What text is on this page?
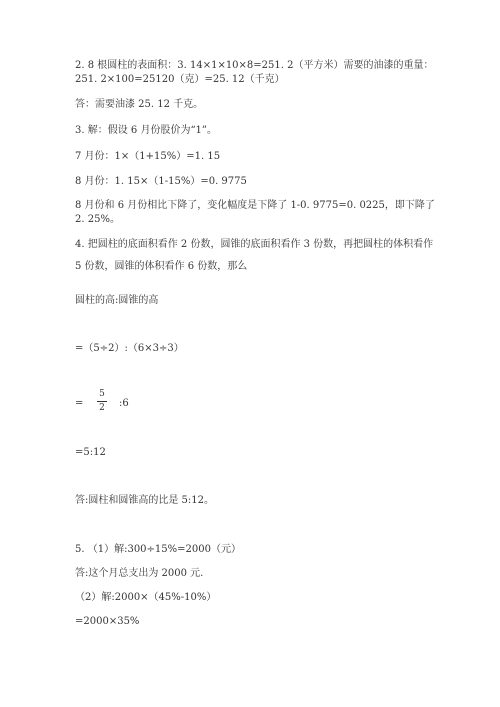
2. 8 根圆柱的表面积：3. 14×1×10×8=251. 2（平方米）需要的油漆的重量：
251. 2×100=25120（克）=25. 12（千克）
答：需要油漆 25. 12 千克。
3. 解：假设 6 月份股价为“1”。
7 月份：1×（1+15%）=1. 15
8 月份：1. 15×（1-15%）=0. 9775
8 月份和 6 月份相比下降了，变化幅度是下降了 1-0. 9775=0. 0225，即下降了
2. 25%。
4. 把圆柱的底面积看作 2 份数，圆锥的底面积看作 3 份数，再把圆柱的体积看作
5 份数，圆锥的体积看作 6 份数，那么
圆柱的高:圆锥的高
=（5÷2）:（6×3÷3）
=
5
2 :6
=5:12
答:圆柱和圆锥高的比是 5:12。
5. （1）解:300÷15%=2000（元）
答:这个月总支出为 2000 元.
（2）解:2000×（45%-10%）
=2000×35%
